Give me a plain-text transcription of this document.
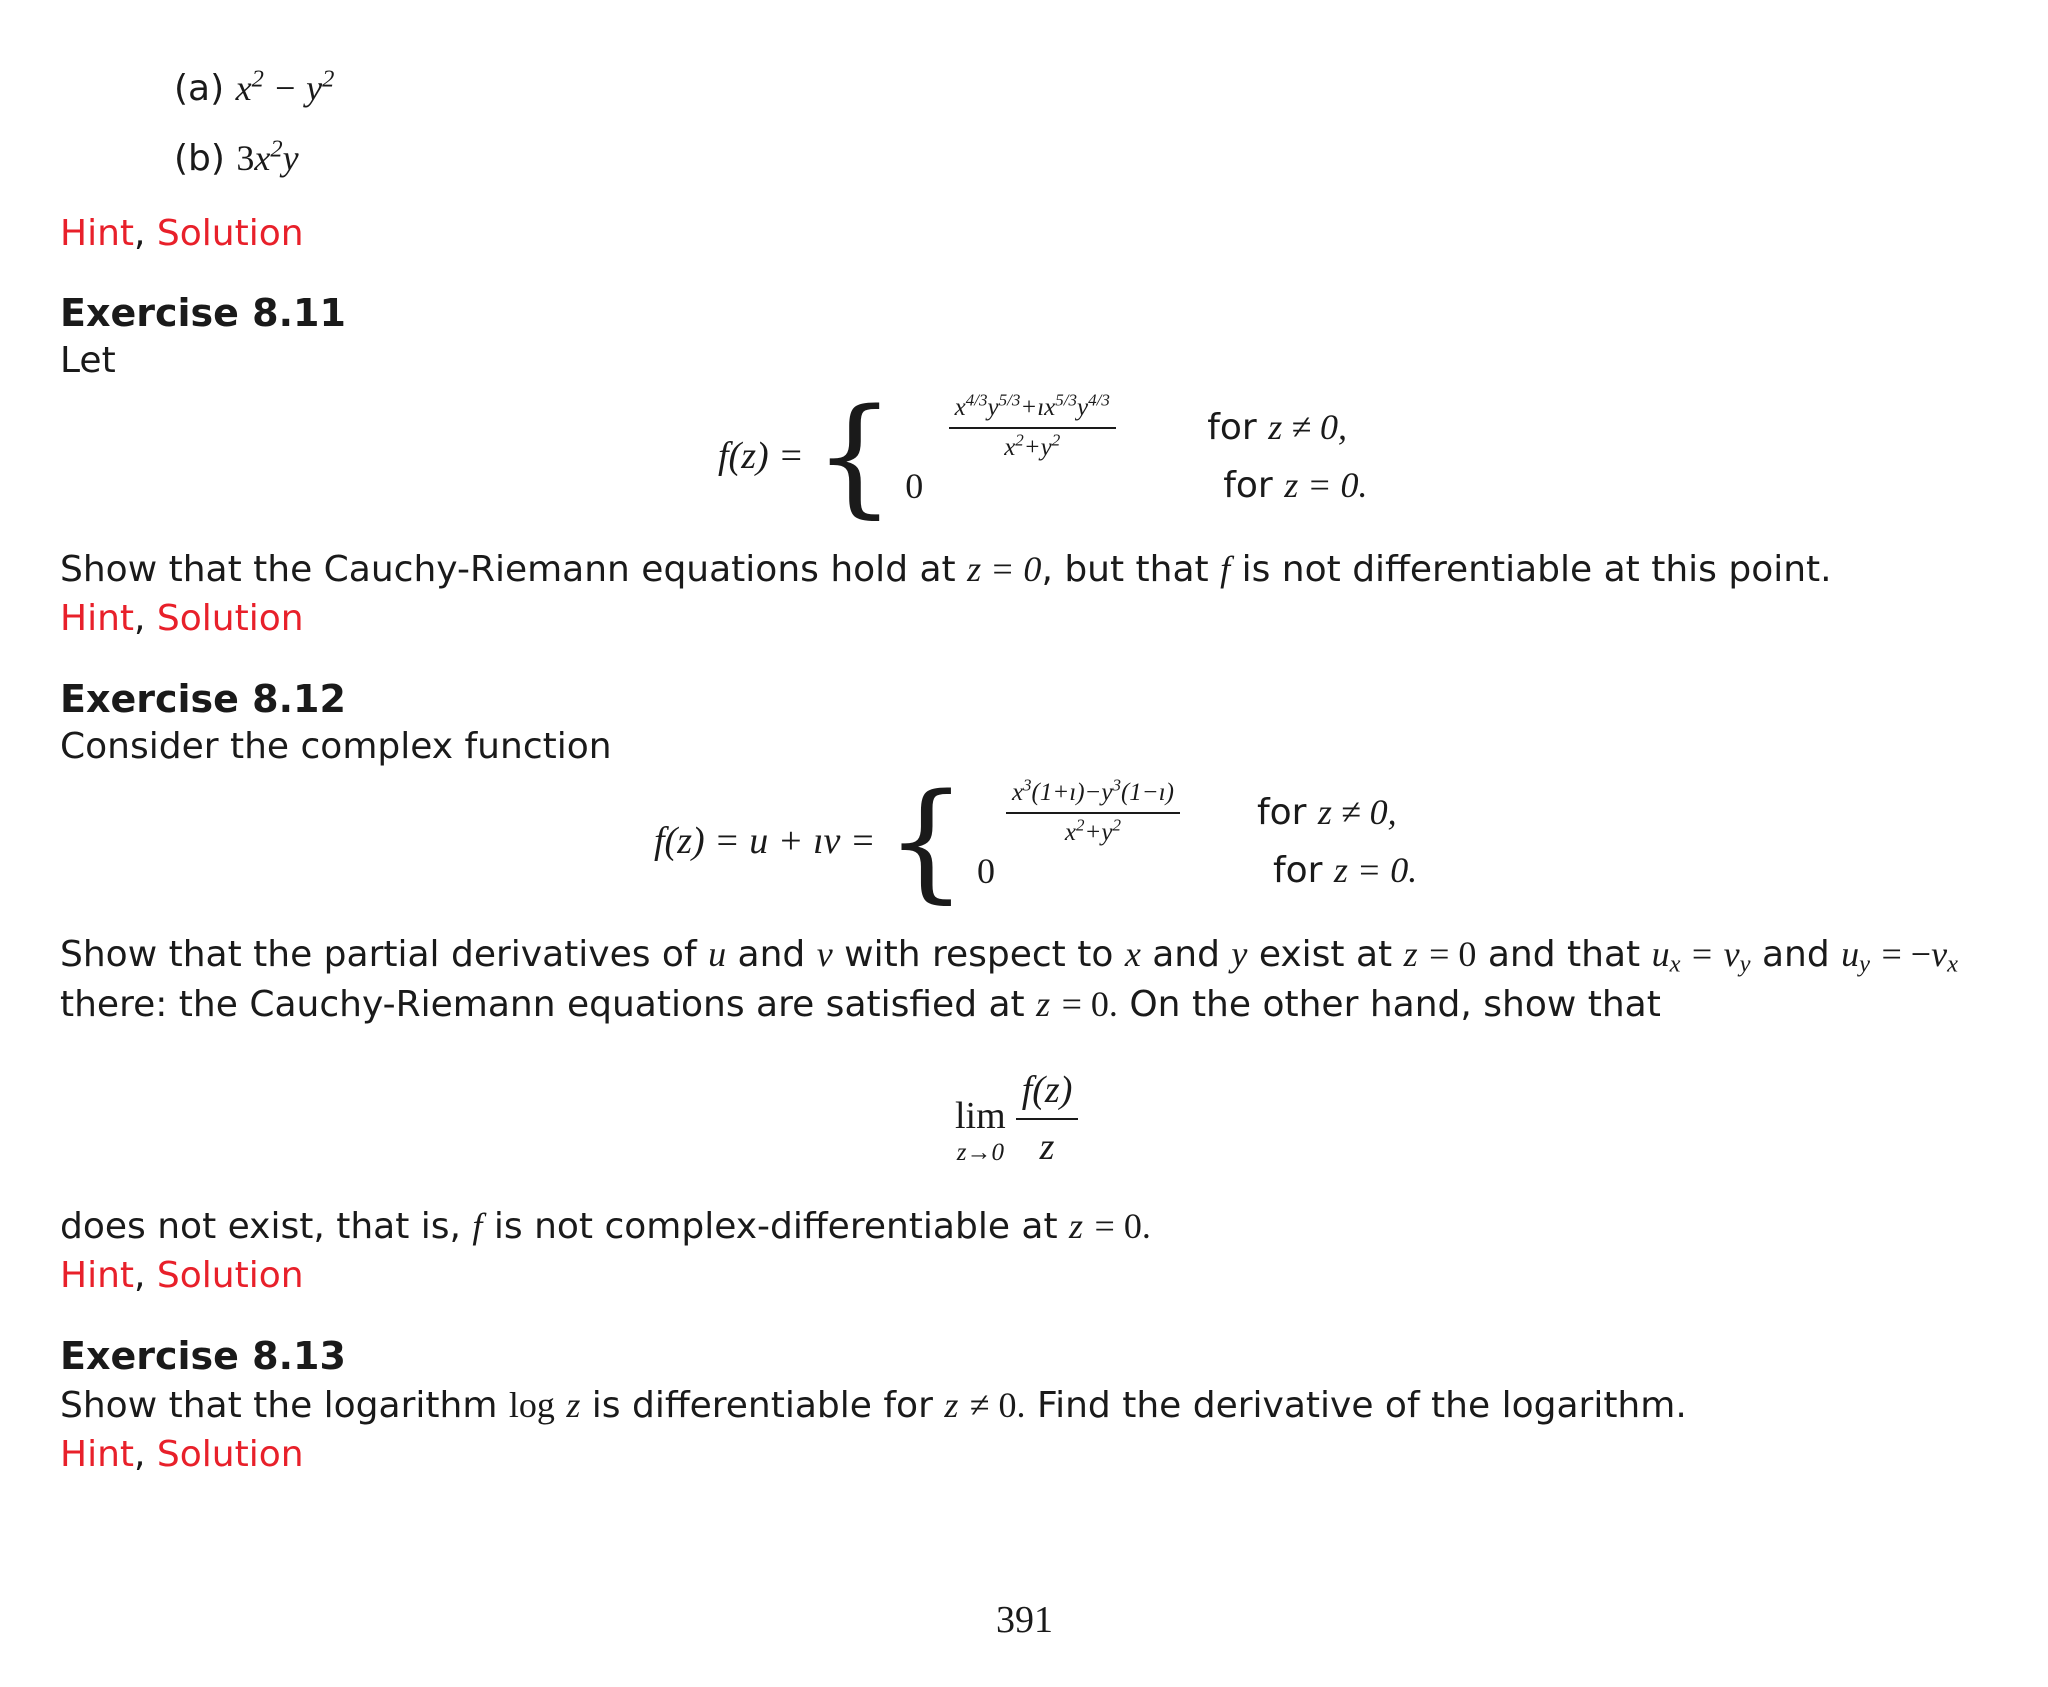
(a) $x^2 - y^2$
(b) $3x^2y$
Hint, Solution
Exercise 8.11
Let
f(z) = { $\frac{x^{4/3}y^{5/3}+ıx^{5/3}y^{4/3}}{x^2+y^2}$ for z ≠ 0,
0	for z = 0.
Show that the Cauchy-Riemann equations hold at z = 0, but that f is not differentiable at this point.
Hint, Solution
Exercise 8.12
Consider the complex function
f(z) = u + ıv = { $\frac{x^3(1+ı)-y^3(1-ı)}{x^2+y^2}$ for z ≠ 0,
0	for z = 0.
Show that the partial derivatives of u and v with respect to x and y exist at z = 0 and that $u_x = v_y$ and $u_y = -v_x$
there: the Cauchy-Riemann equations are satisfied at z = 0. On the other hand, show that
lim
$z\to 0 \frac{f(z)}{z}$
does not exist, that is, f is not complex-differentiable at z = 0.
Hint, Solution
Exercise 8.13
Show that the logarithm log z is differentiable for z ≠ 0. Find the derivative of the logarithm.
Hint, Solution
391
